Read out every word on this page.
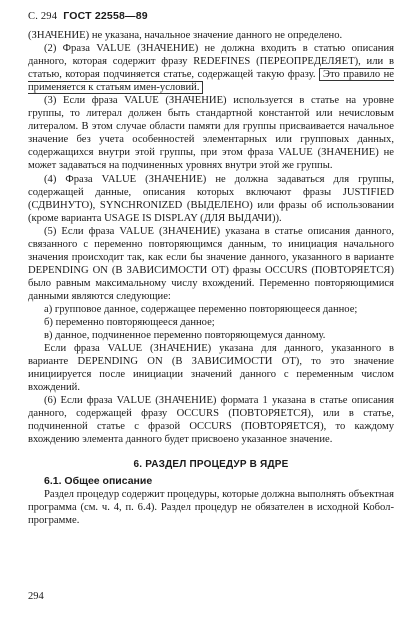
С. 294 ГОСТ 22558—89

(ЗНАЧЕНИЕ) не указана, начальное значение данного не определено.

(2) Фраза VALUE (ЗНАЧЕНИЕ) не должна входить в статью описания данного, которая содержит фразу REDEFINES (ПЕРЕОПРЕДЕЛЯЕТ), или в статью, которая подчиняется статье, содержащей такую фразу. Это правило не применяется к статьям имен-условий.

(3) Если фраза VALUE (ЗНАЧЕНИЕ) используется в статье на уровне группы, то литерал должен быть стандартной константой или нечисловым литералом. В этом случае области памяти для группы присваивается начальное значение без учета особенностей элементарных или групповых данных, содержащихся внутри этой группы, при этом фраза VALUE (ЗНАЧЕНИЕ) не может задаваться на подчиненных уровнях внутри этой же группы.

(4) Фраза VALUE (ЗНАЧЕНИЕ) не должна задаваться для группы, содержащей данные, описания которых включают фразы JUSTIFIED (СДВИНУТО), SYNCHRONIZED (ВЫДЕЛЕНО) или фразы об использовании (кроме варианта USAGE IS DISPLAY (ДЛЯ ВЫДАЧИ)).

(5) Если фраза VALUE (ЗНАЧЕНИЕ) указана в статье описания данного, связанного с переменно повторяющимся данным, то инициация начального значения происходит так, как если бы значение данного, указанного в варианте DEPENDING ON (В ЗАВИСИМОСТИ ОТ) фразы OCCURS (ПОВТОРЯЕТСЯ) было равным максимальному числу вхождений. Переменно повторяющимися данными являются следующие:

а) групповое данное, содержащее переменно повторяющееся данное;

б) переменно повторяющееся данное;

в) данное, подчиненное переменно повторяющемуся данному.

Если фраза VALUE (ЗНАЧЕНИЕ) указана для данного, указанного в варианте DEPENDING ON (В ЗАВИСИМОСТИ ОТ), то это значение инициируется после инициации значений данного с переменным числом вхождений.

(6) Если фраза VALUE (ЗНАЧЕНИЕ) формата 1 указана в статье описания данного, содержащей фразу OCCURS (ПОВТОРЯЕТСЯ), или в статье, подчиненной статье с фразой OCCURS (ПОВТОРЯЕТСЯ), то каждому вхождению элемента данного будет присвоено указанное значение.

6. РАЗДЕЛ ПРОЦЕДУР В ЯДРЕ
6.1. Общее описание

Раздел процедур содержит процедуры, которые должна выполнять объектная программа (см. ч. 4, п. 6.4). Раздел процедур не обязателен в исходной Кобол-программе.

294
